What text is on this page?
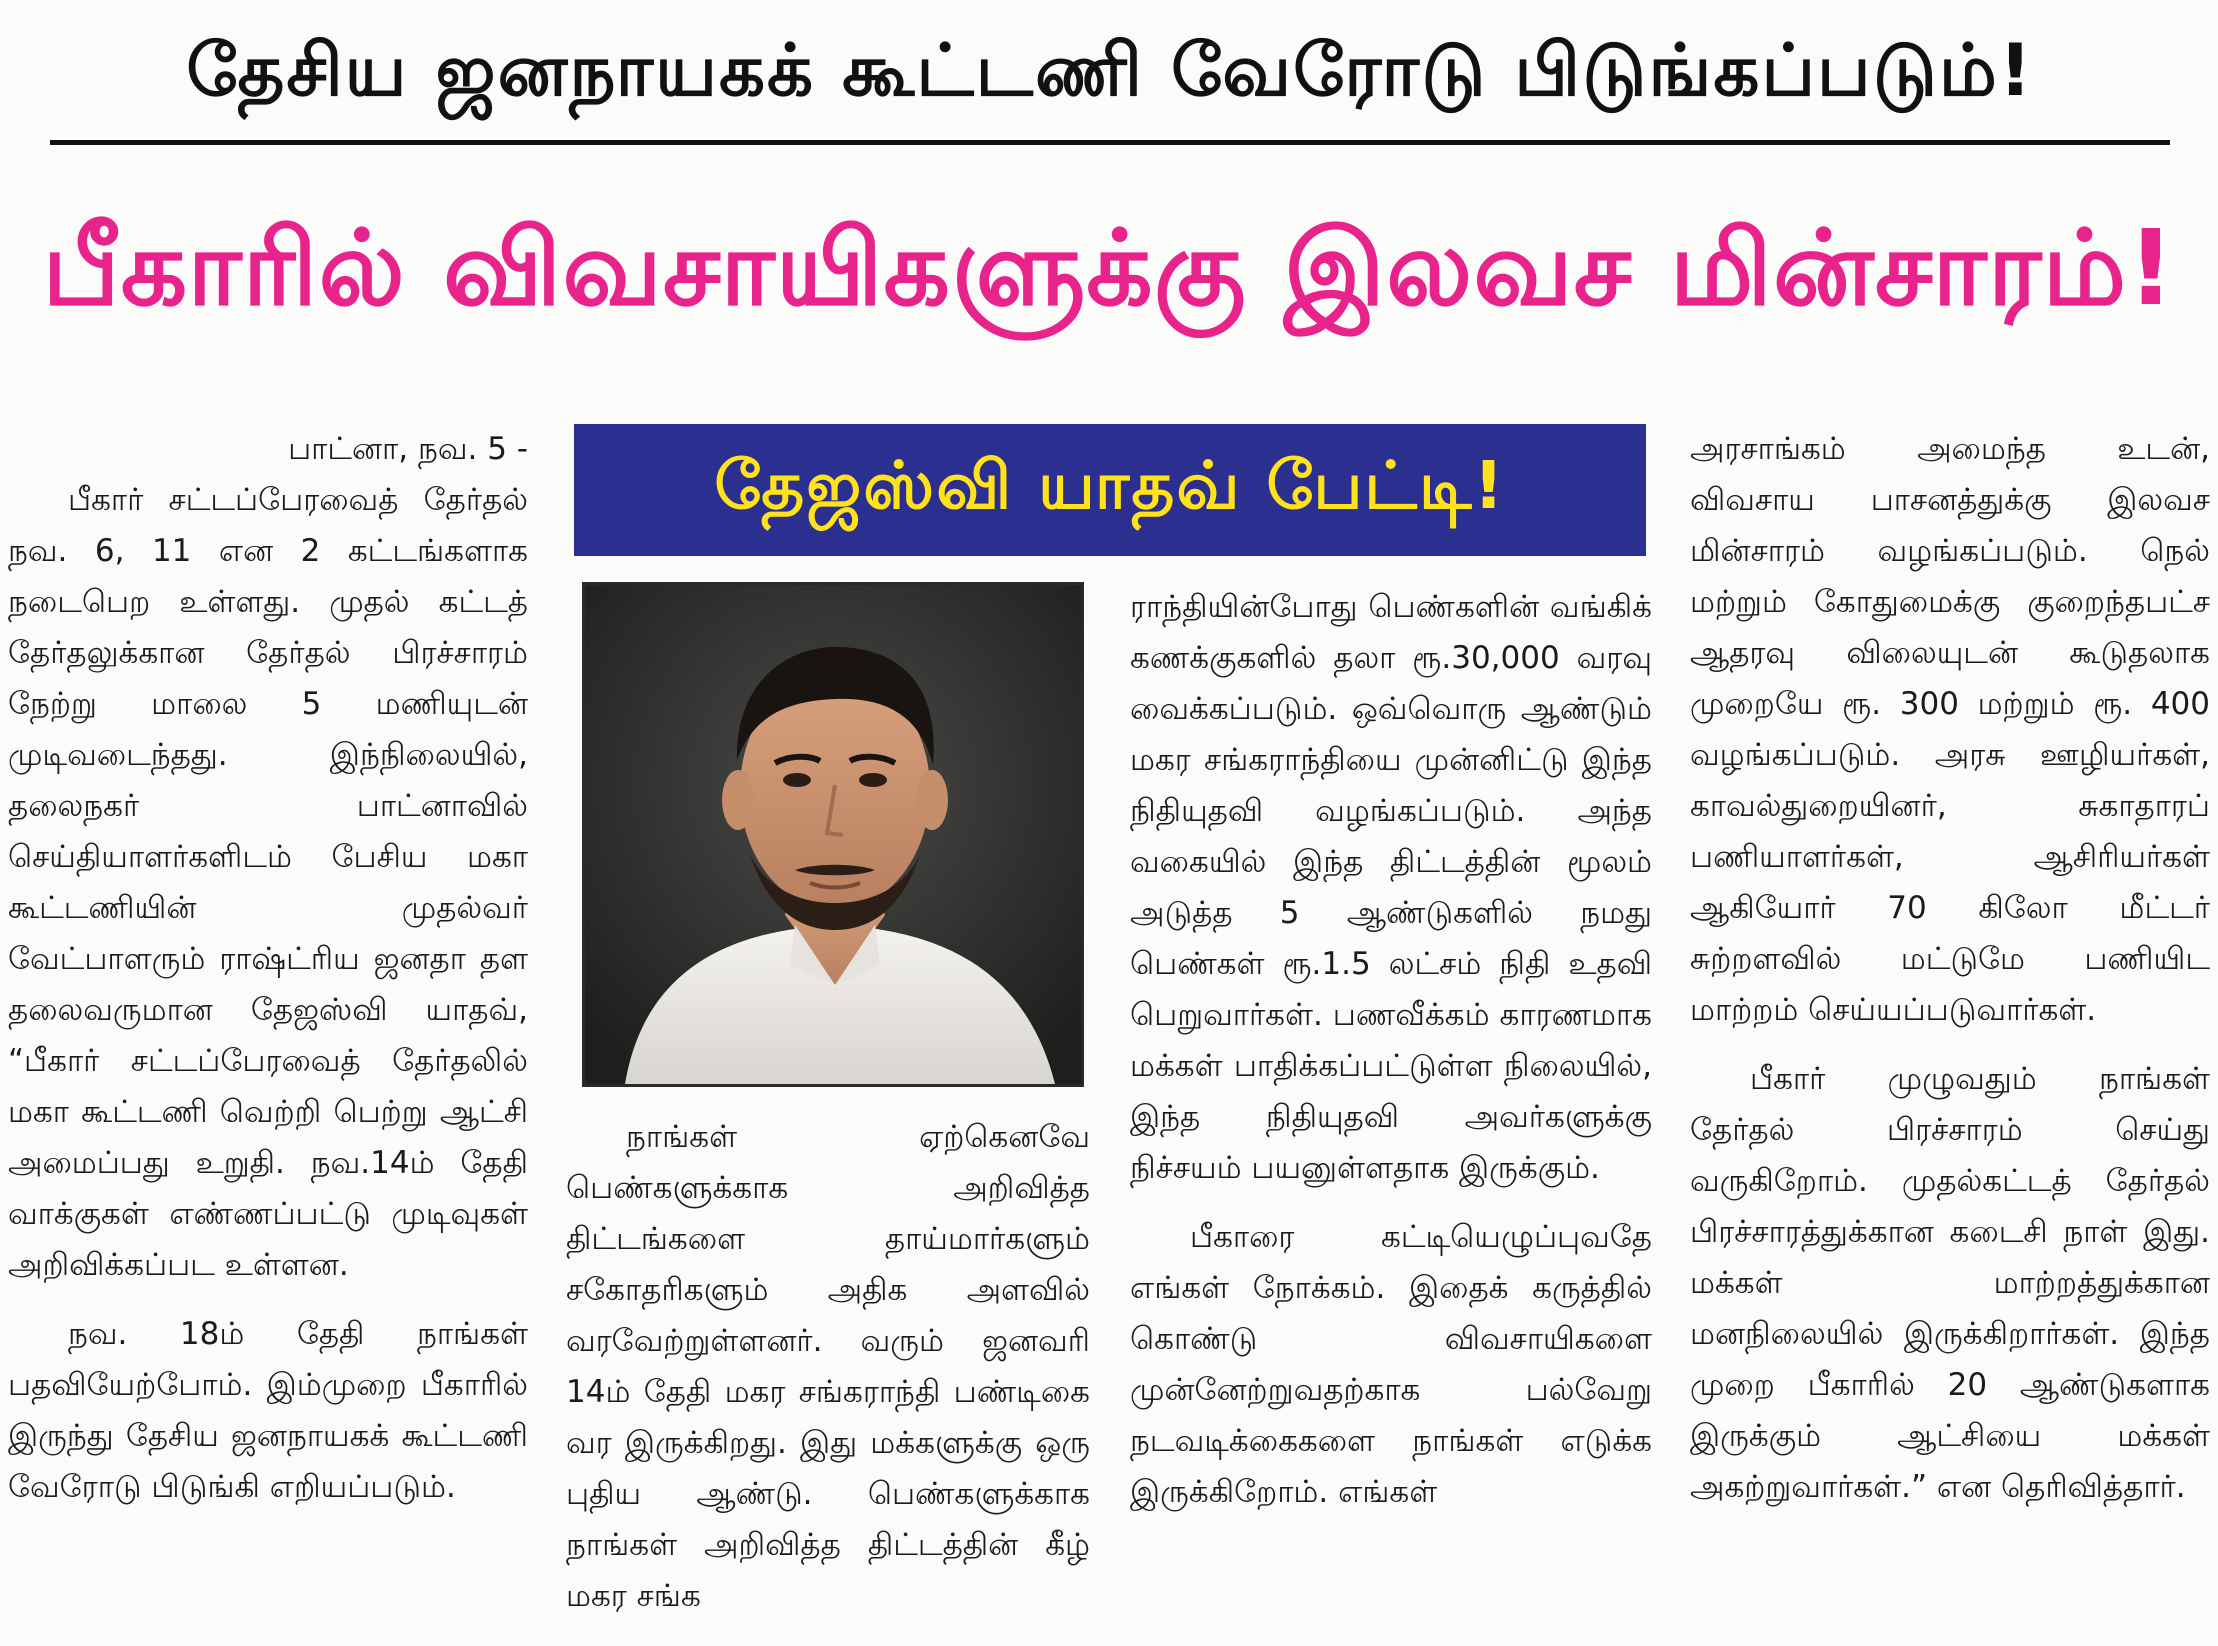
தேசிய ஜனநாயகக் கூட்டணி வேரோடு பிடுங்கப்படும்!
பீகாரில் விவசாயிகளுக்கு இலவச மின்சாரம்!

பாட்னா, நவ. 5 -

பீகார் சட்டப்பேரவைத் தேர்தல் நவ. 6, 11 என 2 கட்டங்களாக நடைபெற உள்ளது. முதல் கட்டத் தேர்தலுக்கான தேர்தல் பிரச்சாரம் நேற்று மாலை 5 மணியுடன் முடிவடைந்தது. இந்நிலையில், தலைநகர் பாட்னாவில் செய்தியாளர்களிடம் பேசிய மகா கூட்டணியின் முதல்வர் வேட்பாளரும் ராஷ்ட்ரிய ஜனதா தள தலைவருமான தேஜஸ்வி யாதவ், “பீகார் சட்டப்பேரவைத் தேர்தலில் மகா கூட்டணி வெற்றி பெற்று ஆட்சி அமைப்பது உறுதி. நவ.14ம் தேதி வாக்குகள் எண்ணப்பட்டு முடிவுகள் அறிவிக்கப்பட உள்ளன.

நவ. 18ம் தேதி நாங்கள் பதவியேற்போம். இம்முறை பீகாரில் இருந்து தேசிய ஜனநாயகக் கூட்டணி வேரோடு பிடுங்கி எறியப்படும்.

தேஜஸ்வி யாதவ் பேட்டி!

நாங்கள் ஏற்கெனவே பெண்களுக்காக அறிவித்த திட்டங்களை தாய்மார்களும் சகோதரிகளும் அதிக அளவில் வரவேற்றுள்ளனர். வரும் ஜனவரி 14ம் தேதி மகர சங்கராந்தி பண்டிகை வர இருக்கிறது. இது மக்களுக்கு ஒரு புதிய ஆண்டு. பெண்களுக்காக நாங்கள் அறிவித்த திட்டத்தின் கீழ் மகர சங்க

ராந்தியின்போது பெண்களின் வங்கிக் கணக்குகளில் தலா ரூ.30,000 வரவு வைக்கப்படும். ஒவ்வொரு ஆண்டும் மகர சங்கராந்தியை முன்னிட்டு இந்த நிதியுதவி வழங்கப்படும். அந்த வகையில் இந்த திட்டத்தின் மூலம் அடுத்த 5 ஆண்டுகளில் நமது பெண்கள் ரூ.1.5 லட்சம் நிதி உதவி பெறுவார்கள். பணவீக்கம் காரணமாக மக்கள் பாதிக்கப்பட்டுள்ள நிலையில், இந்த நிதியுதவி அவர்களுக்கு நிச்சயம் பயனுள்ளதாக இருக்கும்.

பீகாரை கட்டியெழுப்புவதே எங்கள் நோக்கம். இதைக் கருத்தில் கொண்டு விவசாயிகளை முன்னேற்றுவதற்காக பல்வேறு நடவடிக்கைகளை நாங்கள் எடுக்க இருக்கிறோம். எங்கள்

அரசாங்கம் அமைந்த உடன், விவசாய பாசனத்துக்கு இலவச மின்சாரம் வழங்கப்படும். நெல் மற்றும் கோதுமைக்கு குறைந்தபட்ச ஆதரவு விலையுடன் கூடுதலாக முறையே ரூ. 300 மற்றும் ரூ. 400 வழங்கப்படும். அரசு ஊழியர்கள், காவல்துறையினர், சுகாதாரப் பணியாளர்கள், ஆசிரியர்கள் ஆகியோர் 70 கிலோ மீட்டர் சுற்றளவில் மட்டுமே பணியிட மாற்றம் செய்யப்படுவார்கள்.

பீகார் முழுவதும் நாங்கள் தேர்தல் பிரச்சாரம் செய்து வருகிறோம். முதல்கட்டத் தேர்தல் பிரச்சாரத்துக்கான கடைசி நாள் இது. மக்கள் மாற்றத்துக்கான மனநிலையில் இருக்கிறார்கள். இந்த முறை பீகாரில் 20 ஆண்டுகளாக இருக்கும் ஆட்சியை மக்கள் அகற்றுவார்கள்.” என தெரிவித்தார்.
